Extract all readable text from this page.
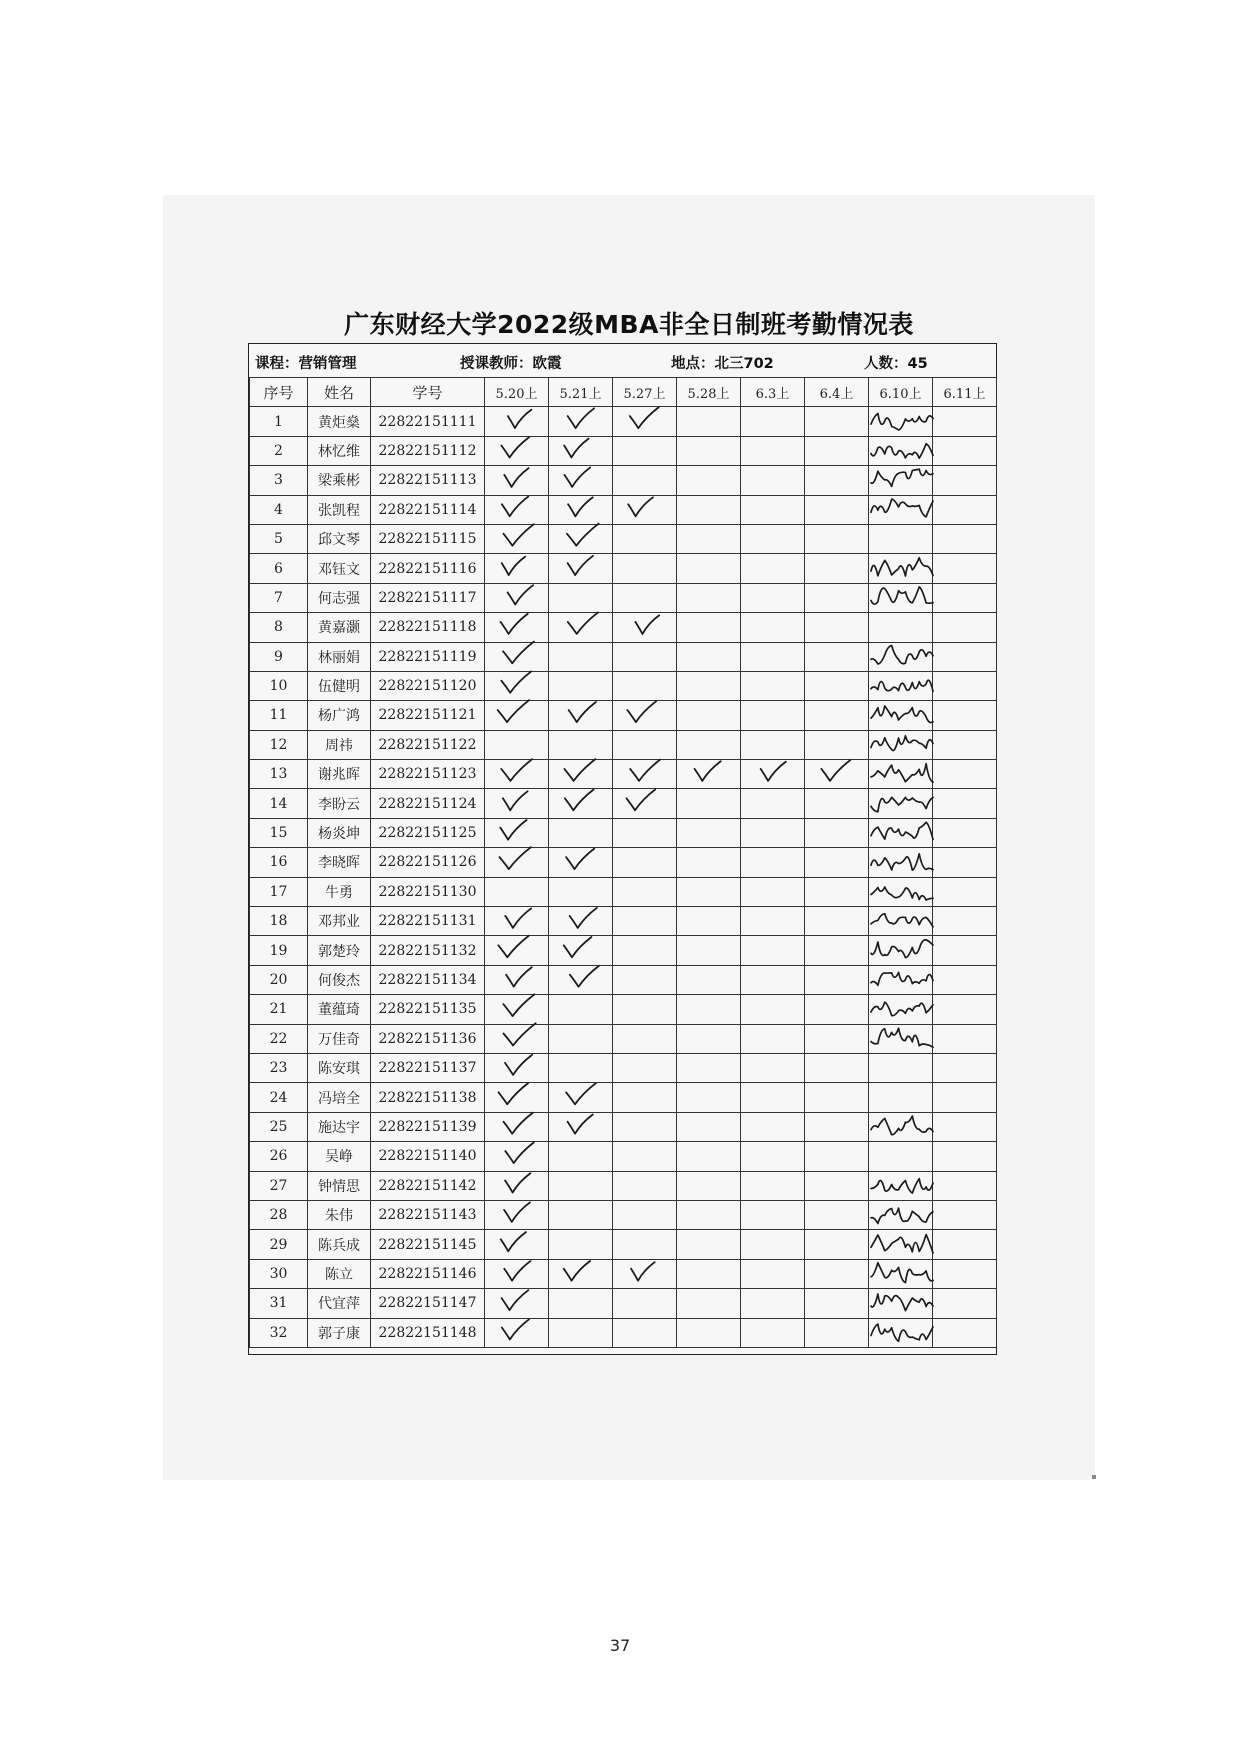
广东财经大学2022级MBA非全日制班考勤情况表
课程：营销管理	授课教师：欧霞	地点：北三702	人数：45
序号	姓名	学号	5.20上	5.21上	5.27上	5.28上	6.3上	6.4上	6.10上	6.11上
1	黄炬燊	22822151111								
2	林忆维	22822151112								
3	梁乘彬	22822151113								
4	张凯程	22822151114								
5	邱文琴	22822151115								
6	邓钰文	22822151116								
7	何志强	22822151117								
8	黄嘉灏	22822151118								
9	林丽娟	22822151119								
10	伍健明	22822151120								
11	杨广鸿	22822151121								
12	周祎	22822151122								
13	谢兆晖	22822151123								
14	李盼云	22822151124								
15	杨炎坤	22822151125								
16	李晓晖	22822151126								
17	牛勇	22822151130								
18	邓邦业	22822151131								
19	郭楚玲	22822151132								
20	何俊杰	22822151134								
21	董蕴琦	22822151135								
22	万佳奇	22822151136								
23	陈安琪	22822151137								
24	冯培全	22822151138								
25	施达宇	22822151139								
26	吴峥	22822151140								
27	钟情思	22822151142								
28	朱伟	22822151143								
29	陈兵成	22822151145								
30	陈立	22822151146								
31	代宜萍	22822151147								
32	郭子康	22822151148								
37
